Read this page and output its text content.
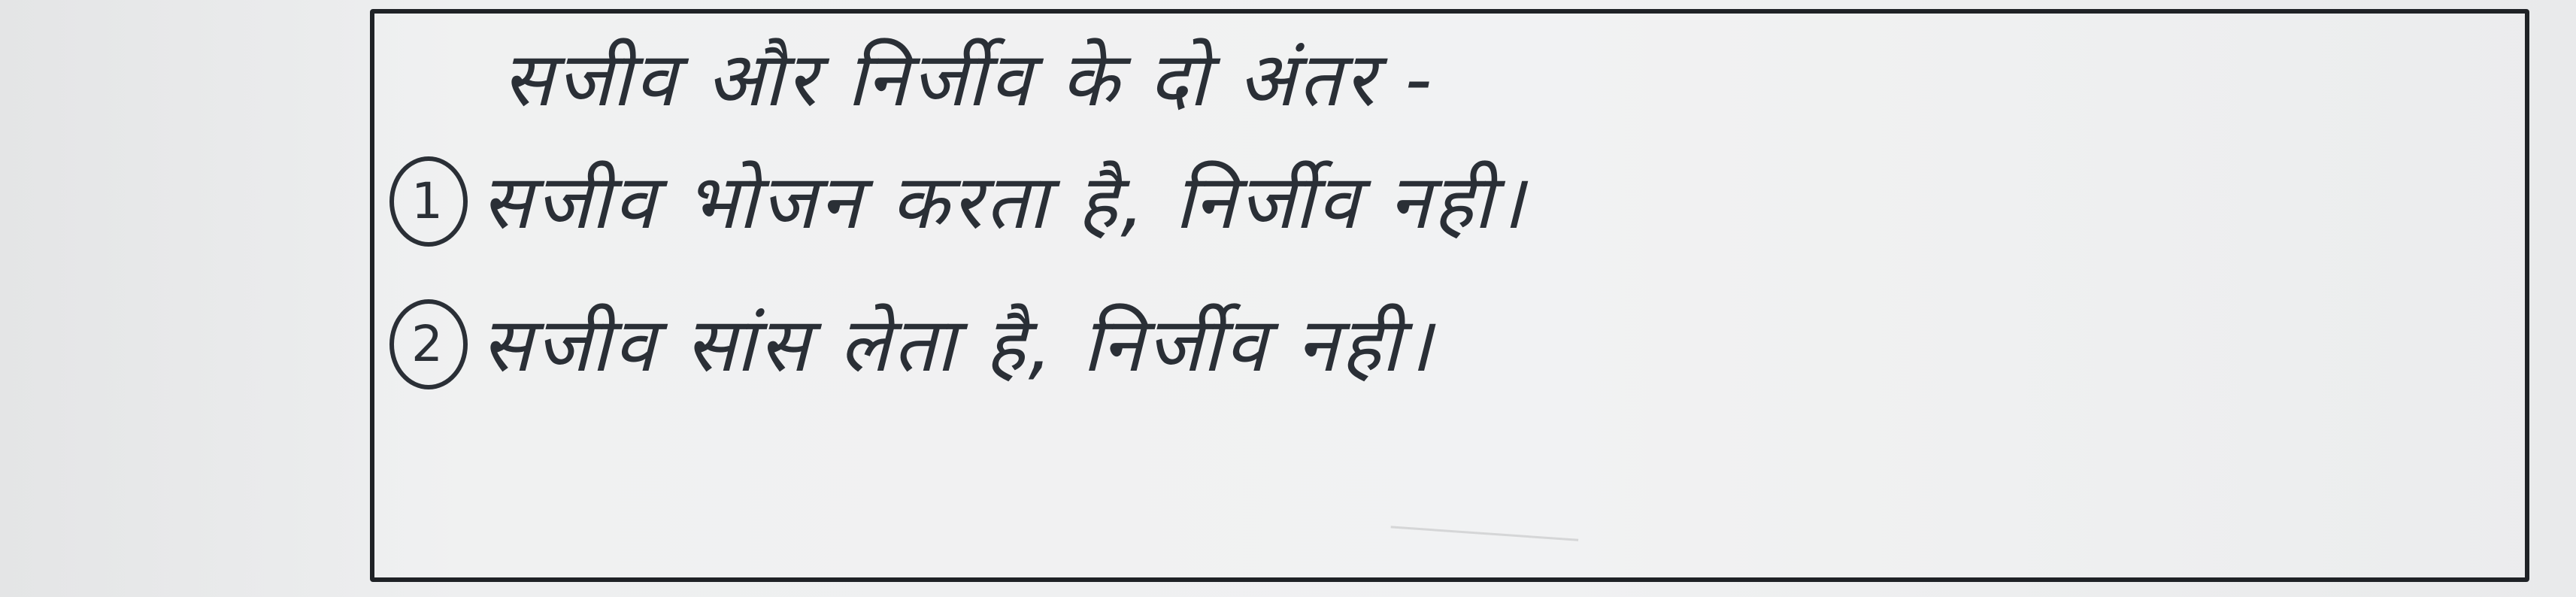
सजीव और निर्जीव के दो अंतर -
1 सजीव भोजन करता है, निर्जीव नही।
2 सजीव सांस लेता है, निर्जीव नही।
